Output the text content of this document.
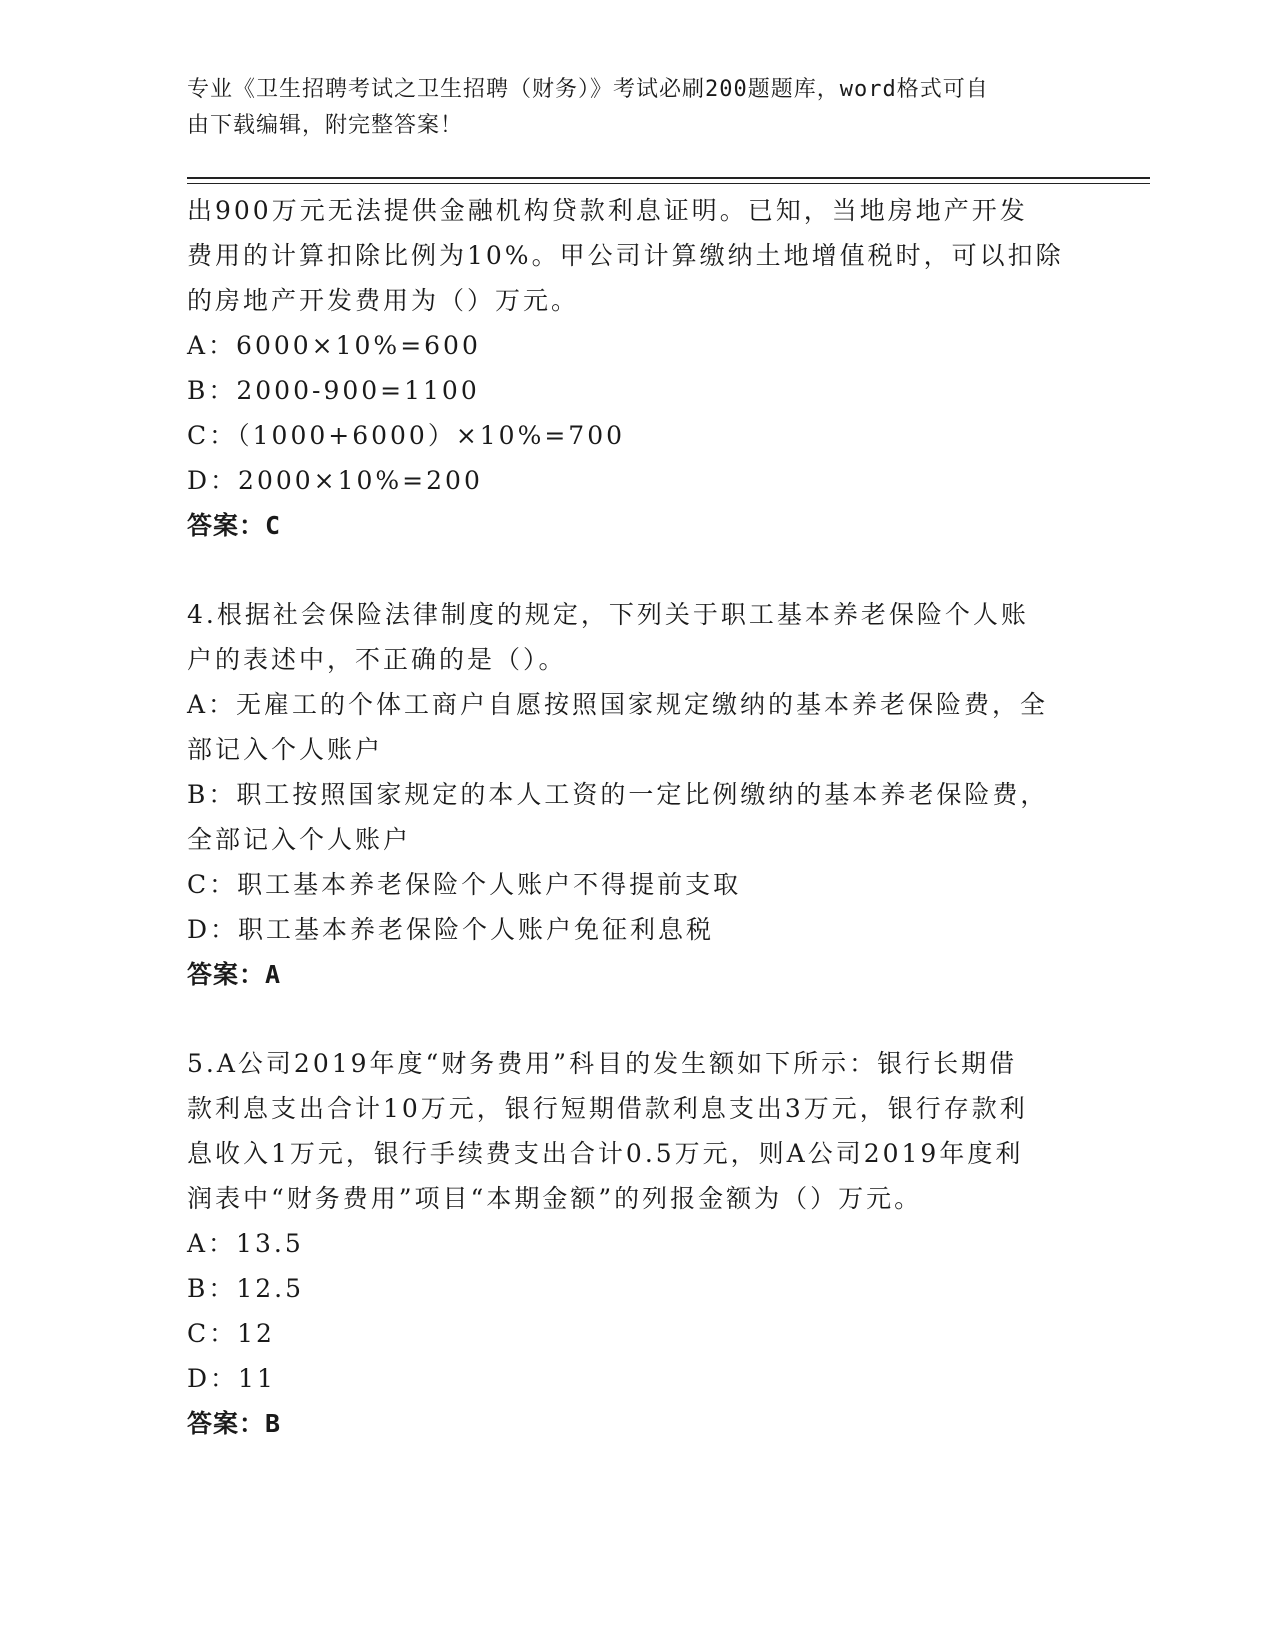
专业《卫生招聘考试之卫生招聘（财务）》考试必刷200题题库，word格式可自
由下载编辑，附完整答案！
出900万元无法提供金融机构贷款利息证明。已知，当地房地产开发
费用的计算扣除比例为10%。甲公司计算缴纳土地增值税时，可以扣除
的房地产开发费用为（）万元。
A：6000×10%=600
B：2000-900=1100
C：（1000+6000）×10%=700
D：2000×10%=200
答案：C
4.根据社会保险法律制度的规定，下列关于职工基本养老保险个人账
户的表述中，不正确的是（）。
A：无雇工的个体工商户自愿按照国家规定缴纳的基本养老保险费，全
部记入个人账户
B：职工按照国家规定的本人工资的一定比例缴纳的基本养老保险费，
全部记入个人账户
C：职工基本养老保险个人账户不得提前支取
D：职工基本养老保险个人账户免征利息税
答案：A
5.A公司2019年度“财务费用”科目的发生额如下所示：银行长期借
款利息支出合计10万元，银行短期借款利息支出3万元，银行存款利
息收入1万元，银行手续费支出合计0.5万元，则A公司2019年度利
润表中“财务费用”项目“本期金额”的列报金额为（）万元。
A：13.5
B：12.5
C：12
D：11
答案：B
